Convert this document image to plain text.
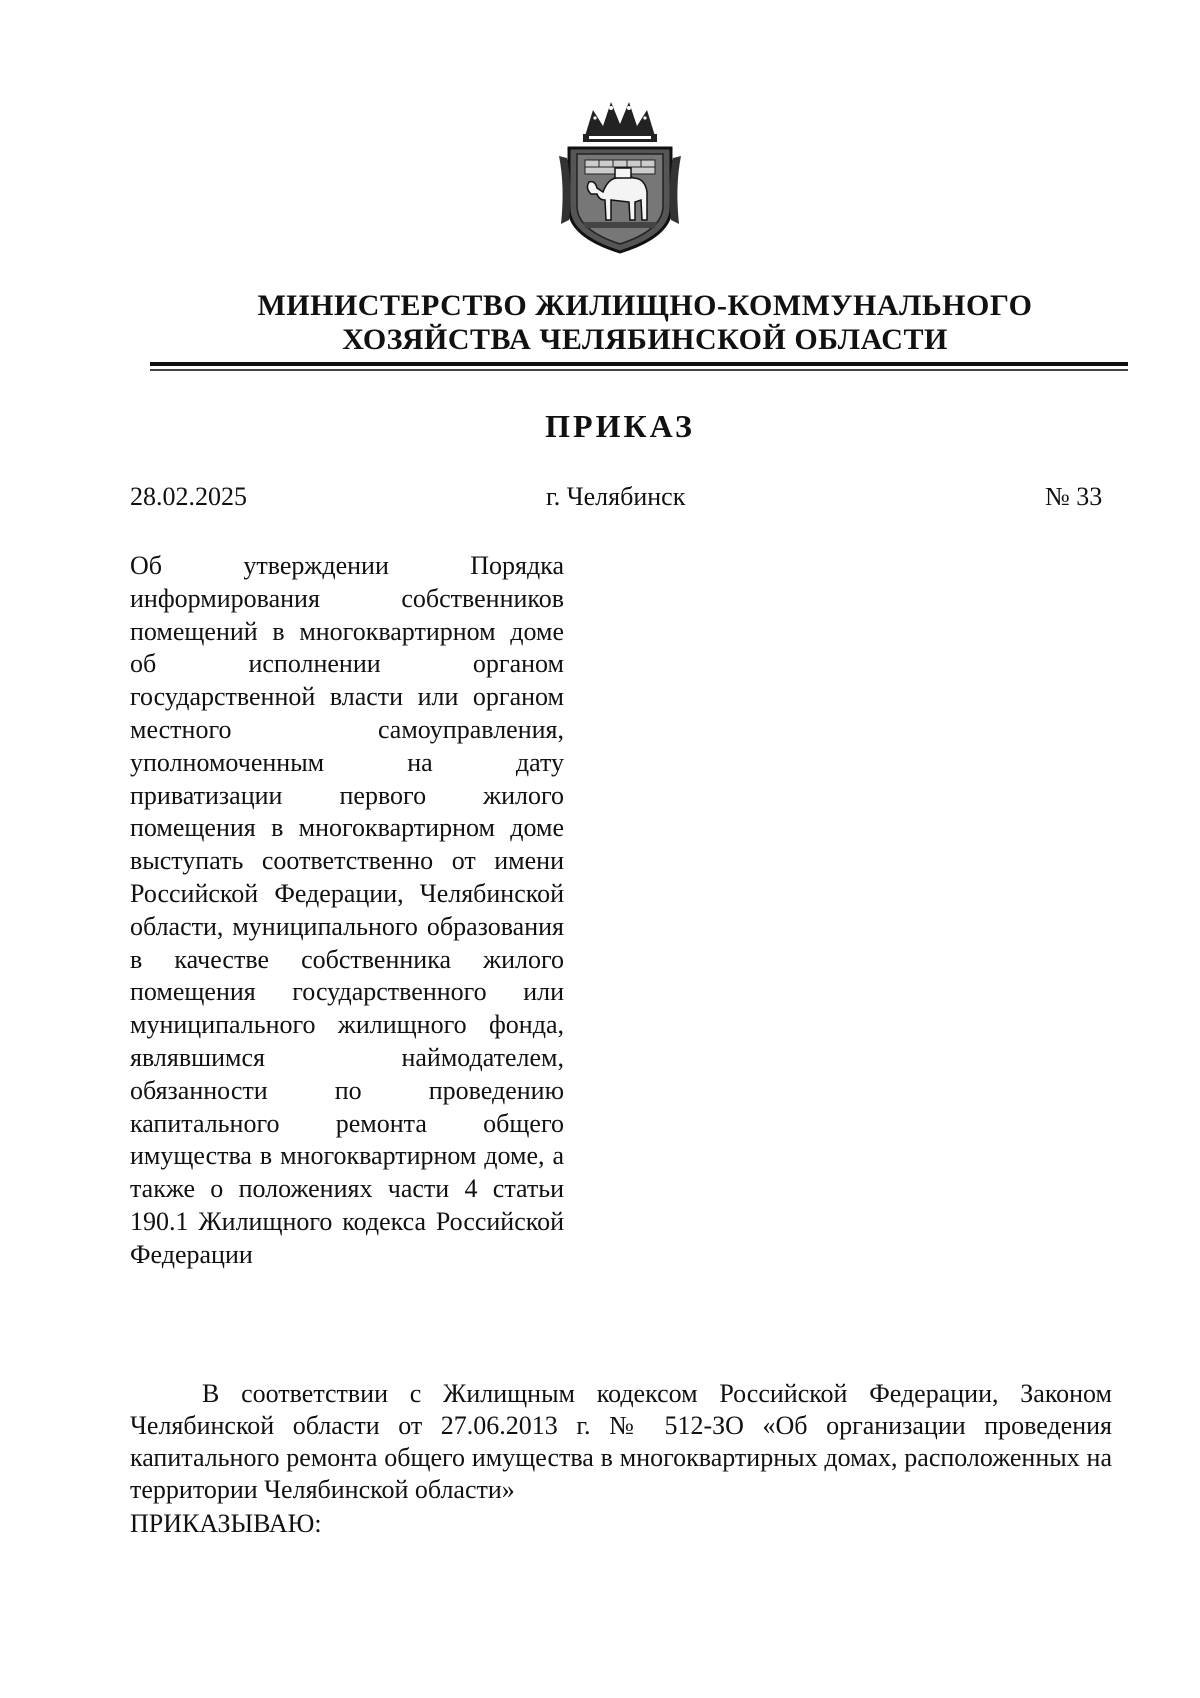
МИНИСТЕРСТВО ЖИЛИЩНО-КОММУНАЛЬНОГО
ХОЗЯЙСТВА ЧЕЛЯБИНСКОЙ ОБЛАСТИ
ПРИКАЗ
28.02.2025	г. Челябинск	№ 33
Об утверждении Порядка информирования собственников помещений в многоквартирном доме об исполнении органом государственной власти или органом местного самоуправления, уполномоченным на дату приватизации первого жилого помещения в многоквартирном доме выступать соответственно от имени Российской Федерации, Челябинской области, муниципального образования в качестве собственника жилого помещения государственного или муниципального жилищного фонда, являвшимся наймодателем, обязанности по проведению капитального ремонта общего имущества в многоквартирном доме, а также о положениях части 4 статьи 190.1 Жилищного кодекса Российской Федерации
В соответствии с Жилищным кодексом Российской Федерации, Законом Челябинской области от 27.06.2013 г. № 512-ЗО «Об организации проведения капитального ремонта общего имущества в многоквартирных домах, расположенных на территории Челябинской области»
ПРИКАЗЫВАЮ:
